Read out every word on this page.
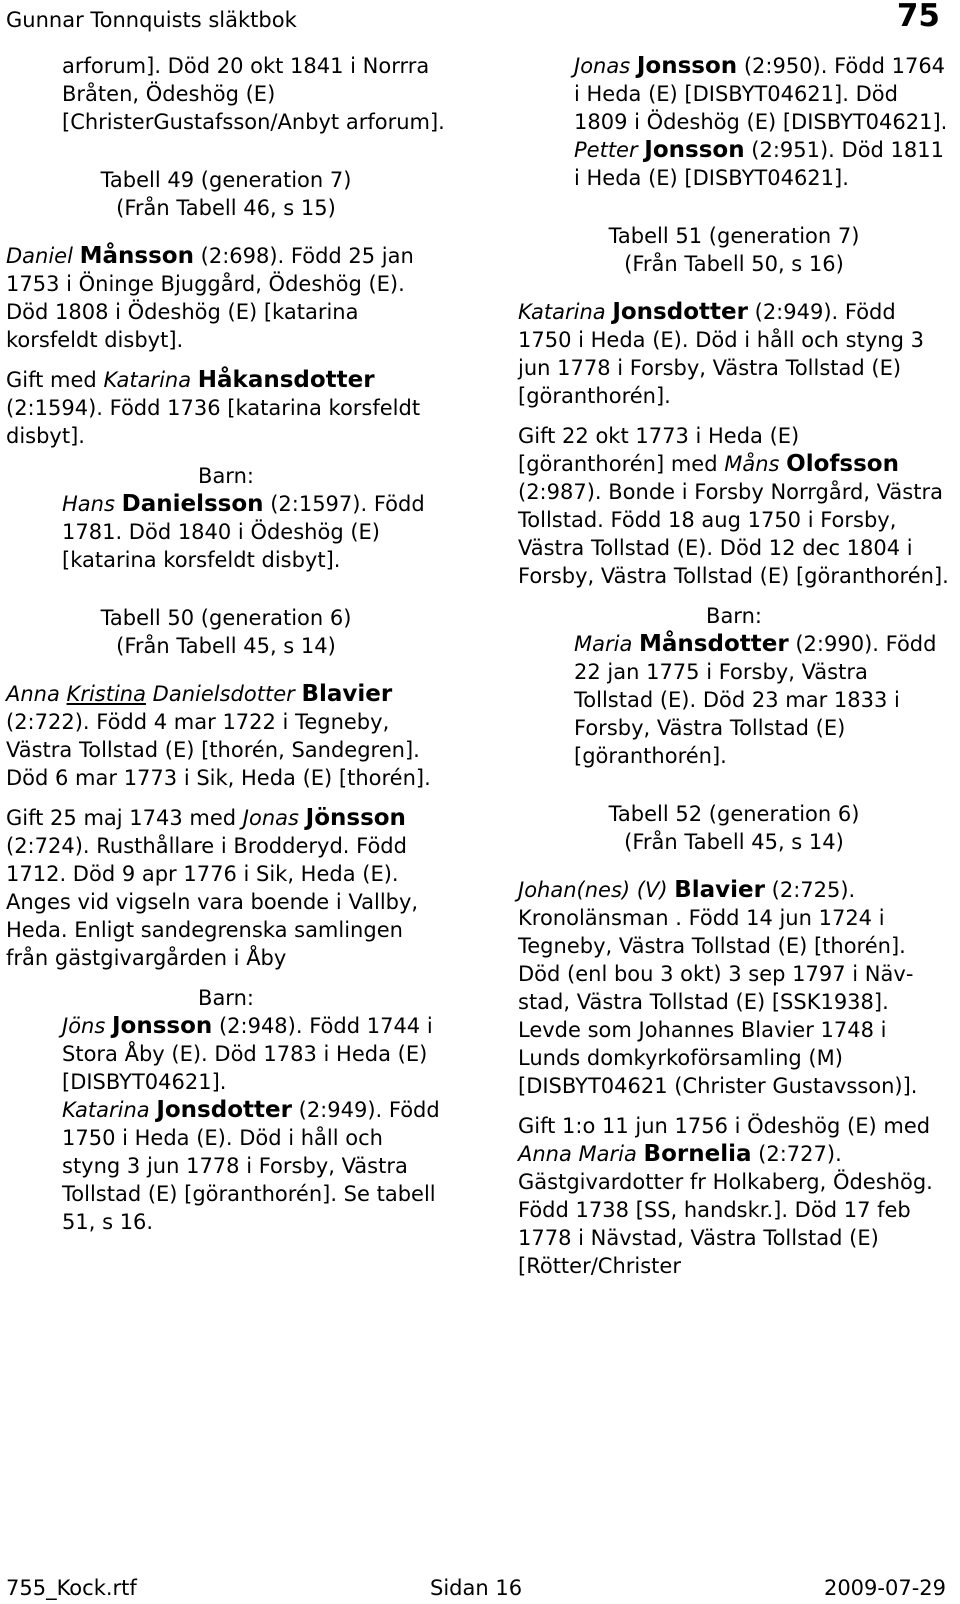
Gunnar Tonnquists släktbok	75

arforum]. Död 20 okt 1841 i Norrra Bråten, Ödeshög (E) [ChristerGustafsson/Anbyt arforum].

Tabell 49 (generation 7)

(Från Tabell 46, s 15)

Daniel Månsson (2:698). Född 25 jan 1753 i Öninge Bjuggård, Ödeshög (E). Död 1808 i Ödeshög (E) [katarina korsfeldt disbyt].

Gift med Katarina Håkansdotter (2:1594). Född 1736 [katarina korsfeldt disbyt].

Barn:

Hans Danielsson (2:1597). Född 1781. Död 1840 i Ödeshög (E) [katarina korsfeldt disbyt].

Tabell 50 (generation 6)

(Från Tabell 45, s 14)

Anna Kristina Danielsdotter Blavier (2:722). Född 4 mar 1722 i Tegneby, Västra Tollstad (E) [thorén, Sandegren]. Död 6 mar 1773 i Sik, Heda (E) [thorén].

Gift 25 maj 1743 med Jonas Jönsson (2:724). Rusthållare i Brodderyd. Född 1712. Död 9 apr 1776 i Sik, Heda (E). Anges vid vigseln vara boende i Vallby, Heda. Enligt sandegrenska samlingen från gästgivargården i Åby

Barn:

Jöns Jonsson (2:948). Född 1744 i Stora Åby (E). Död 1783 i Heda (E) [DISBYT04621].

Katarina Jonsdotter (2:949). Född 1750 i Heda (E). Död i håll och styng 3 jun 1778 i Forsby, Västra Tollstad (E) [göranthorén]. Se tabell 51, s 16.

Jonas Jonsson (2:950). Född 1764 i Heda (E) [DISBYT04621]. Död 1809 i Ödeshög (E) [DISBYT04621].

Petter Jonsson (2:951). Död 1811 i Heda (E) [DISBYT04621].

Tabell 51 (generation 7)

(Från Tabell 50, s 16)

Katarina Jonsdotter (2:949). Född 1750 i Heda (E). Död i håll och styng 3 jun 1778 i Forsby, Västra Tollstad (E) [göranthorén].

Gift 22 okt 1773 i Heda (E) [göranthorén] med Måns Olofsson (2:987). Bonde i Forsby Norrgård, Västra Tollstad. Född 18 aug 1750 i Forsby, Västra Tollstad (E). Död 12 dec 1804 i Forsby, Västra Tollstad (E) [göranthorén].

Barn:

Maria Månsdotter (2:990). Född 22 jan 1775 i Forsby, Västra Tollstad (E). Död 23 mar 1833 i Forsby, Västra Tollstad (E) [göranthorén].

Tabell 52 (generation 6)

(Från Tabell 45, s 14)

Johan(nes) (V) Blavier (2:725). Kronolänsman . Född 14 jun 1724 i Tegneby, Västra Tollstad (E) [thorén]. Död (enl bou 3 okt) 3 sep 1797 i Nävstad, Västra Tollstad (E) [SSK1938]. Levde som Johannes Blavier 1748 i Lunds domkyrkoförsamling (M) [DISBYT04621 (Christer Gustavsson)].

Gift 1:o 11 jun 1756 i Ödeshög (E) med Anna Maria Bornelia (2:727). Gästgivardotter fr Holkaberg, Ödeshög. Född 1738 [SS, handskr.]. Död 17 feb 1778 i Nävstad, Västra Tollstad (E) [Rötter/Christer

755_Kock.rtf	Sidan 16	2009-07-29
